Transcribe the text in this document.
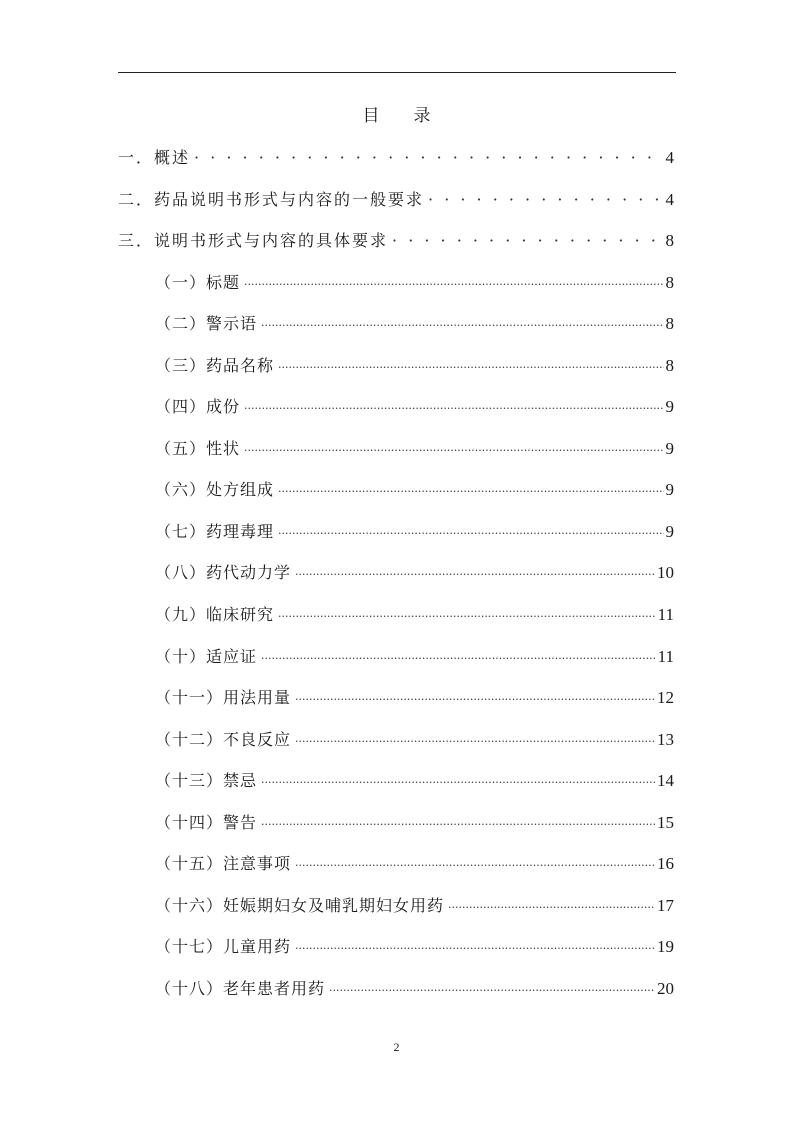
目录
一．概述 · · ·	4
二．药品说明书形式与内容的一般要求 · · ·	4
三．说明书形式与内容的具体要求 · · ·	8
（一）标题 ·····	8
（二）警示语 ·····	8
（三）药品名称 ·····	8
（四）成份 ·····	9
（五）性状 ·····	9
（六）处方组成 ·····	9
（七）药理毒理 ·····	9
（八）药代动力学 ·····	10
（九）临床研究 ·····	11
（十）适应证 ·····	11
（十一）用法用量 ·····	12
（十二）不良反应 ·····	13
（十三）禁忌 ·····	14
（十四）警告 ·····	15
（十五）注意事项 ·····	16
（十六）妊娠期妇女及哺乳期妇女用药 ·····	17
（十七）儿童用药 ·····	19
（十八）老年患者用药 ·····	20
2
